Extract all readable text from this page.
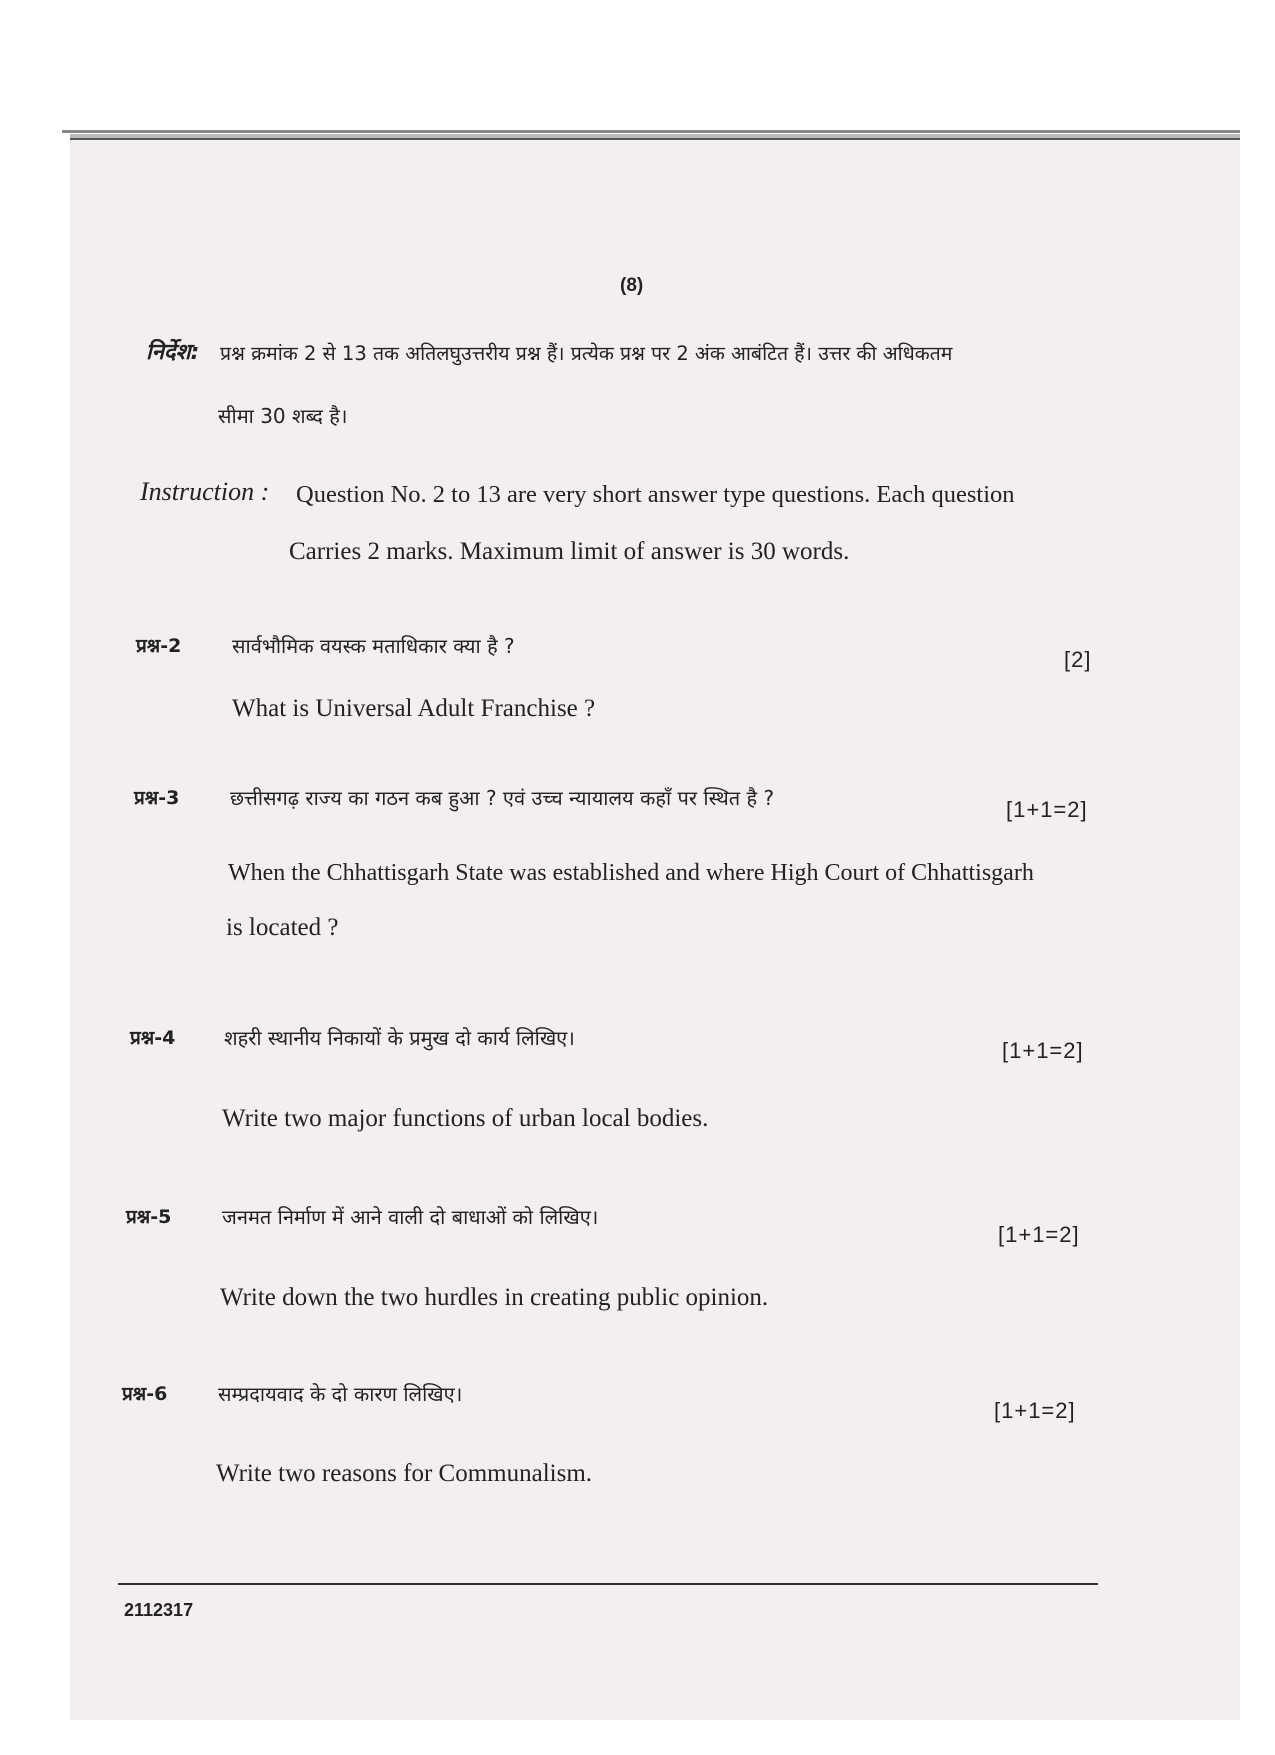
(8)
निर्देश: प्रश्न क्रमांक 2 से 13 तक अतिलघुउत्तरीय प्रश्न हैं। प्रत्येक प्रश्न पर 2 अंक आबंटित हैं। उत्तर की अधिकतम
सीमा 30 शब्द है।
Instruction : Question No. 2 to 13 are very short answer type questions. Each question
Carries 2 marks. Maximum limit of answer is 30 words.
प्रश्न-2	सार्वभौमिक वयस्क मताधिकार क्या है ?
[2]
What is Universal Adult Franchise ?
प्रश्न-3	छत्तीसगढ़ राज्य का गठन कब हुआ ? एवं उच्च न्यायालय कहाँ पर स्थित है ?	[1+1=2]
When the Chhattisgarh State was established and where High Court of Chhattisgarh
is located ?
प्रश्न-4 शहरी स्थानीय निकायों के प्रमुख दो कार्य लिखिए।	[1+1=2]
Write two major functions of urban local bodies.
प्रश्न-5	जनमत निर्माण में आने वाली दो बाधाओं को लिखिए।
[1+1=2]
Write down the two hurdles in creating public opinion.
प्रश्न-6	सम्प्रदायवाद के दो कारण लिखिए।
[1+1=2]
Write two reasons for Communalism.
2112317
